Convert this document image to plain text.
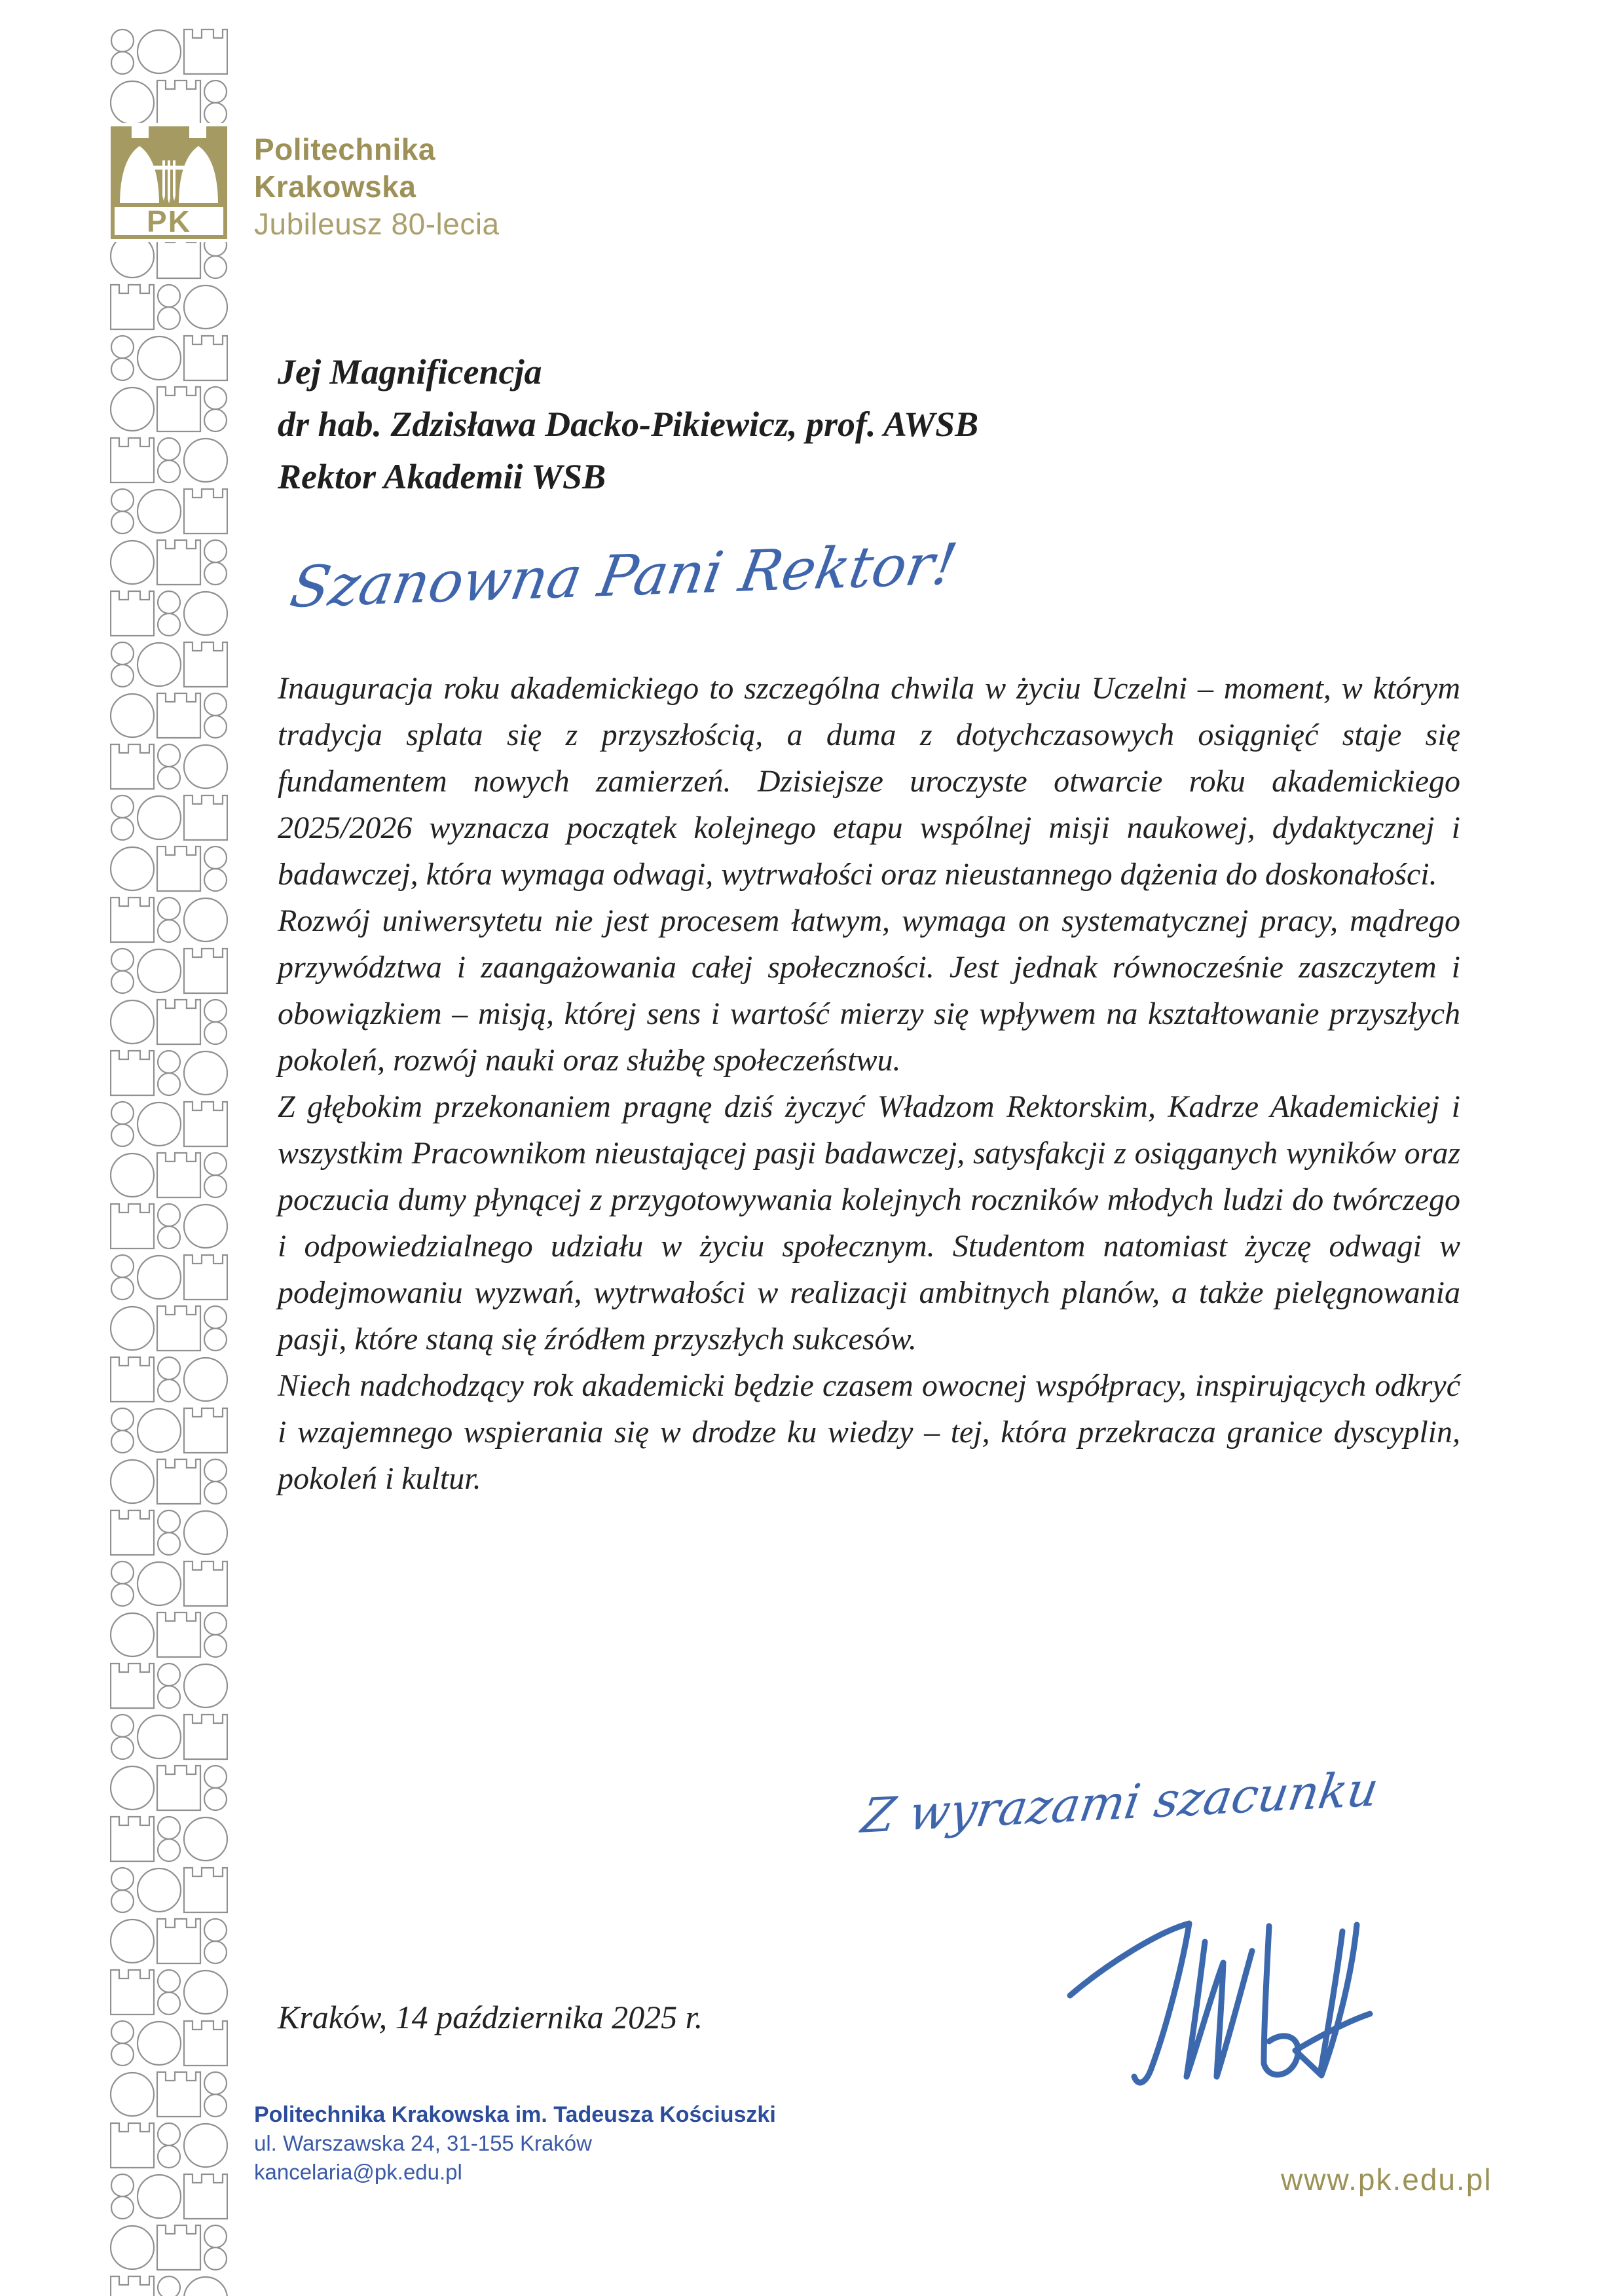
PK
Politechnika
Krakowska
Jubileusz 80-lecia
Jej Magnificencja
dr hab. Zdzisława Dacko-Pikiewicz, prof. AWSB
Rektor Akademii WSB
Szanowna Pani Rektor!

Inauguracja roku akademickiego to szczególna chwila w życiu Uczelni – moment, w którym tradycja splata się z przyszłością, a duma z dotychczasowych osiągnięć staje się fundamentem nowych zamierzeń. Dzisiejsze uroczyste otwarcie roku akademickiego 2025/2026 wyznacza początek kolejnego etapu wspólnej misji naukowej, dydaktycznej i badawczej, która wymaga odwagi, wytrwałości oraz nieustannego dążenia do doskonałości.

Rozwój uniwersytetu nie jest procesem łatwym, wymaga on systematycznej pracy, mądrego przywództwa i zaangażowania całej społeczności. Jest jednak równocześnie zaszczytem i obowiązkiem – misją, której sens i wartość mierzy się wpływem na kształtowanie przyszłych pokoleń, rozwój nauki oraz służbę społeczeństwu.

Z głębokim przekonaniem pragnę dziś życzyć Władzom Rektorskim, Kadrze Akademickiej i wszystkim Pracownikom nieustającej pasji badawczej, satysfakcji z osiąganych wyników oraz poczucia dumy płynącej z przygotowywania kolejnych roczników młodych ludzi do twórczego i odpowiedzialnego udziału w życiu społecznym. Studentom natomiast życzę odwagi w podejmowaniu wyzwań, wytrwałości w realizacji ambitnych planów, a także pielęgnowania pasji, które staną się źródłem przyszłych sukcesów.

Niech nadchodzący rok akademicki będzie czasem owocnej współpracy, inspirujących odkryć i wzajemnego wspierania się w drodze ku wiedzy – tej, która przekracza granice dyscyplin, pokoleń i kultur.

Z wyrazami szacunku
Kraków, 14 października 2025 r.
Politechnika Krakowska im. Tadeusza Kościuszki
ul. Warszawska 24, 31-155 Kraków
kancelaria@pk.edu.pl	www.pk.edu.pl
